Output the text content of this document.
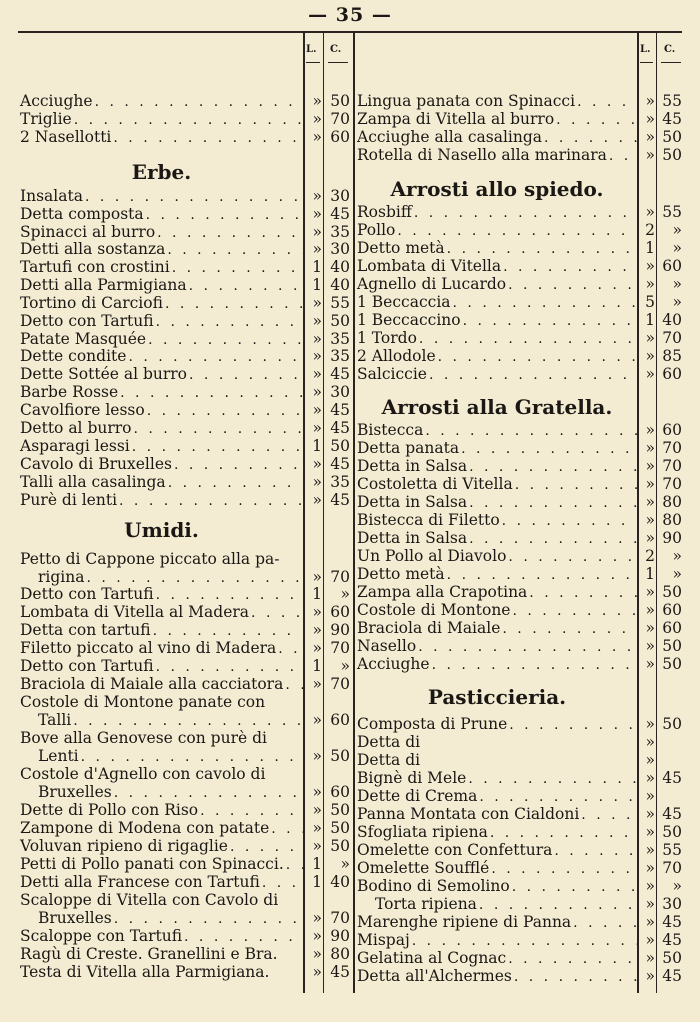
— 35 —
L. C.	L. C.
Acciughe . . .	» 50
Triglie . . .	» 70
2 Nasellotti . . .	» 60
Erbe.
Insalata . . .	» 30
Detta composta . . .	» 45
Spinacci al burro . . .	» 35
Detti alla sostanza . . .	» 30
Tartufi con crostini . . .	1 40
Detti alla Parmigiana . . .	1 40
Tortino di Carciofi . . .	» 55
Detto con Tartufi . . .	» 50
Patate Masquée . . .	» 35
Dette condite . . .	» 35
Dette Sottée al burro . . .	» 45
Barbe Rosse . . .	» 30
Cavolfiore lesso . . .	» 45
Detto al burro . . .	» 45
Asparagi lessi . . .	1 50
Cavolo di Bruxelles . . .	» 45
Talli alla casalinga . . .	» 35
Purè di lenti . . .	» 45
Umidi.
Petto di Cappone piccato alla pa-
rigina . . .	» 70
Detto con Tartufi . . .	1	»
Lombata di Vitella al Madera . . .	» 60
Detta con tartufi . . .	» 90
Filetto piccato al vino di Madera . . .	» 70
Detto con Tartufi . . .	1	»
Braciola di Maiale alla cacciatora . . .	» 70
Costole di Montone panate con
Talli . . .	» 60
Bove alla Genovese con purè di
Lenti . . .	» 50
Costole d'Agnello con cavolo di
Bruxelles . . .	» 60
Dette di Pollo con Riso . . .	» 50
Zampone di Modena con patate . . .	» 50
Voluvan ripieno di rigaglie . . .	» 50
Petti di Pollo panati con Spinacci. . . .	1	»
Detti alla Francese con Tartufi . . .	1 40
Scaloppe di Vitella con Cavolo di
Bruxelles . . .	» 70
Scaloppe con Tartufi . . .	» 90
Ragù di Creste. Granellini e Bra.	» 80
Testa di Vitella alla Parmigiana.	» 45
Lingua panata con Spinacci . . .	» 55
Zampa di Vitella al burro . . .	» 45
Acciughe alla casalinga . . .	» 50
Rotella di Nasello alla marinara . . .	» 50
Arrosti allo spiedo.
Rosbiff . . .	» 55
Pollo . . .	2	»
Detto metà . . .	1	»
Lombata di Vitella . . .	» 60
Agnello di Lucardo . . .	»	»
1 Beccaccia . . .	5	»
1 Beccaccino . . .	1 40
1 Tordo . . .	» 70
2 Allodole . . .	» 85
Salciccie . . .	» 60
Arrosti alla Gratella.
Bistecca . . .	» 60
Detta panata . . .	» 70
Detta in Salsa . . .	» 70
Costoletta di Vitella . . .	» 70
Detta in Salsa . . .	» 80
Bistecca di Filetto . . .	» 80
Detta in Salsa . . .	» 90
Un Pollo al Diavolo . . .	2	»
Detto metà . . .	1	»
Zampa alla Crapotina . . .	» 50
Costole di Montone . . .	» 60
Braciola di Maiale . . .	» 60
Nasello . . .	» 50
Acciughe . . .	» 50
Pasticcieria.
Composta di Prune . . .	» 50
Detta di	»
Detta di	»
Bignè di Mele . . .	» 45
Dette di Crema . . .	»
Panna Montata con Cialdoni . . .	» 45
Sfogliata ripiena . . .	» 50
Omelette con Confettura . . .	» 55
Omelette Soufflé . . .	» 70
Bodino di Semolino . . .	»	»
Torta ripiena . . .	» 30
Marenghe ripiene di Panna . . .	» 45
Mispaj . . .	» 45
Gelatina al Cognac . . .	» 50
Detta all'Alchermes . . .	» 45
